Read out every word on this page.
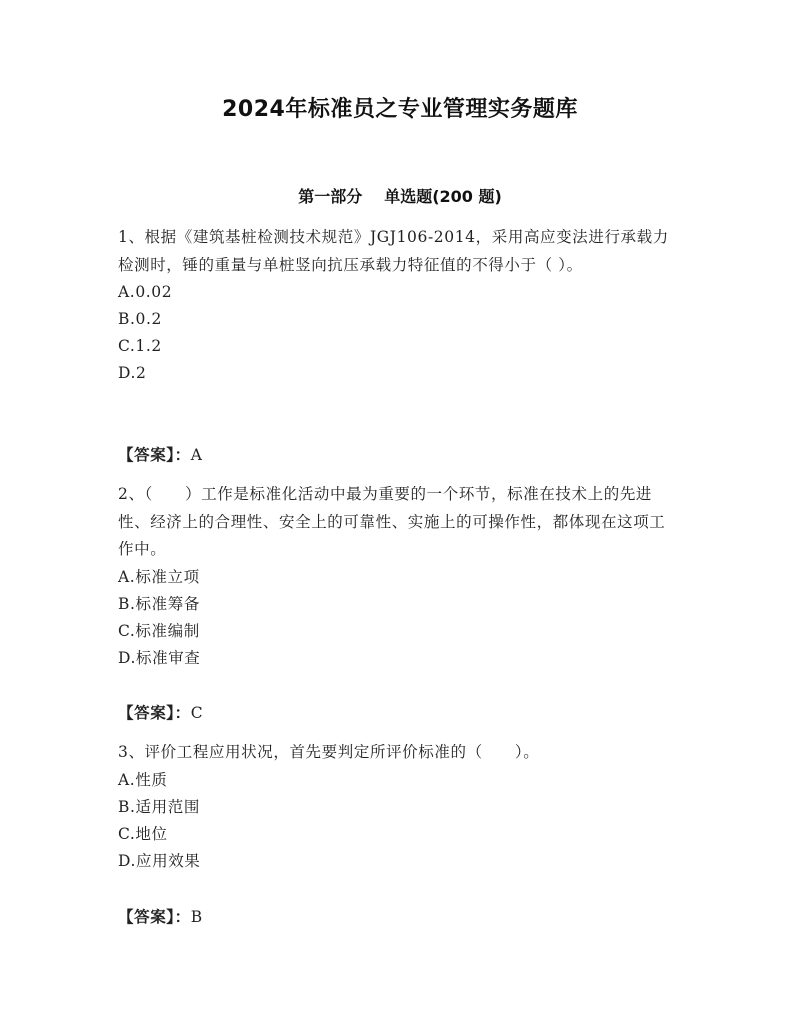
2024年标准员之专业管理实务题库
第一部分 单选题(200 题)
1、根据《建筑基桩检测技术规范》JGJ106-2014，采用高应变法进行承载力检测时，锤的重量与单桩竖向抗压承载力特征值的不得小于（ ）。
A.0.02
B.0.2
C.1.2
D.2
【答案】：A
2、（　　）工作是标准化活动中最为重要的一个环节，标准在技术上的先进性、经济上的合理性、安全上的可靠性、实施上的可操作性，都体现在这项工作中。
A.标准立项
B.标准筹备
C.标准编制
D.标准审查
【答案】：C
3、评价工程应用状况，首先要判定所评价标准的（　　）。
A.性质
B.适用范围
C.地位
D.应用效果
【答案】：B
